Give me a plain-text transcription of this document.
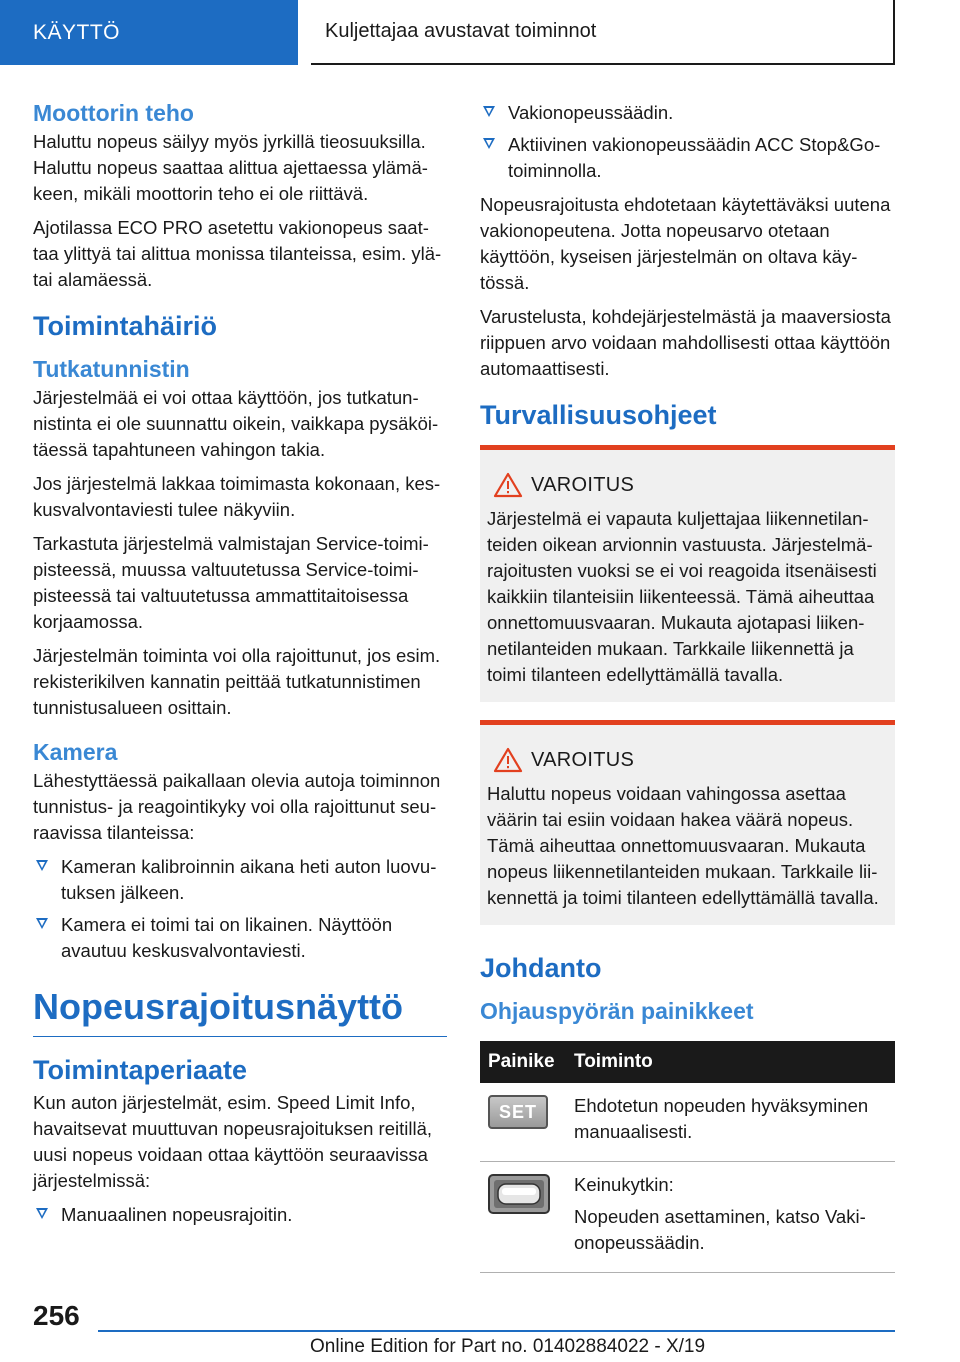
KÄYTTÖ	Kuljettajaa avustavat toiminnot
Moottorin teho

Haluttu nopeus säilyy myös jyrkillä tieosuuksilla. Haluttu nopeus saattaa alittua ajettaessa ylämäkeen, mikäli moottorin teho ei ole riittävä.

Ajotilassa ECO PRO asetettu vakionopeus saattaa ylittyä tai alittua monissa tilanteissa, esim. ylä- tai alamäessä.

Toimintahäiriö
Tutkatunnistin

Järjestelmää ei voi ottaa käyttöön, jos tutkatunnistinta ei ole suunnattu oikein, vaikkapa pysäköitäessä tapahtuneen vahingon takia.

Jos järjestelmä lakkaa toimimasta kokonaan, keskusvalvontaviesti tulee näkyviin.

Tarkastuta järjestelmä valmistajan Service-toimipisteessä, muussa valtuutetussa Service-toimipisteessä tai valtuutetussa ammattitaitoisessa korjaamossa.

Järjestelmän toiminta voi olla rajoittunut, jos esim. rekisterikilven kannatin peittää tutkatunnistimen tunnistusalueen osittain.

Kamera

Lähestyttäessä paikallaan olevia autoja toiminnon tunnistus- ja reagointikyky voi olla rajoittunut seuraavissa tilanteissa:

Kameran kalibroinnin aikana heti auton luovutuksen jälkeen.
Kamera ei toimi tai on likainen. Näyttöön avautuu keskusvalvontaviesti.
Nopeusrajoitusnäyttö
Toimintaperiaate

Kun auton järjestelmät, esim. Speed Limit Info, havaitsevat muuttuvan nopeusrajoituksen reitillä, uusi nopeus voidaan ottaa käyttöön seuraavissa järjestelmissä:

Manuaalinen nopeusrajoitin.
Vakionopeussäädin.
Aktiivinen vakionopeussäädin ACC Stop&Go-toiminnolla.

Nopeusrajoitusta ehdotetaan käytettäväksi uutena vakionopeutena. Jotta nopeusarvo otetaan käyttöön, kyseisen järjestelmän on oltava käytössä.

Varustelusta, kohdejärjestelmästä ja maaversiosta riippuen arvo voidaan mahdollisesti ottaa käyttöön automaattisesti.

Turvallisuusohjeet
VAROITUS

Järjestelmä ei vapauta kuljettajaa liikennetilanteiden oikean arvionnin vastuusta. Järjestelmärajoitusten vuoksi se ei voi reagoida itsenäisesti kaikkiin tilanteisiin liikenteessä. Tämä aiheuttaa onnettomuusvaaran. Mukauta ajotapasi liikennetilanteiden mukaan. Tarkkaile liikennettä ja toimi tilanteen edellyttämällä tavalla.

VAROITUS

Haluttu nopeus voidaan vahingossa asettaa väärin tai esiin voidaan hakea väärä nopeus. Tämä aiheuttaa onnettomuusvaaran. Mukauta nopeus liikennetilanteiden mukaan. Tarkkaile liikennettä ja toimi tilanteen edellyttämällä tavalla.

Johdanto
Ohjauspyörän painikkeet
Painike	Toiminto

SET	Ehdotetun nopeuden hyväksyminen manuaalisesti.

Keinukytkin:

Nopeuden asettaminen, katso Vakionopeussäädin.

256
Online Edition for Part no. 01402884022 - X/19
